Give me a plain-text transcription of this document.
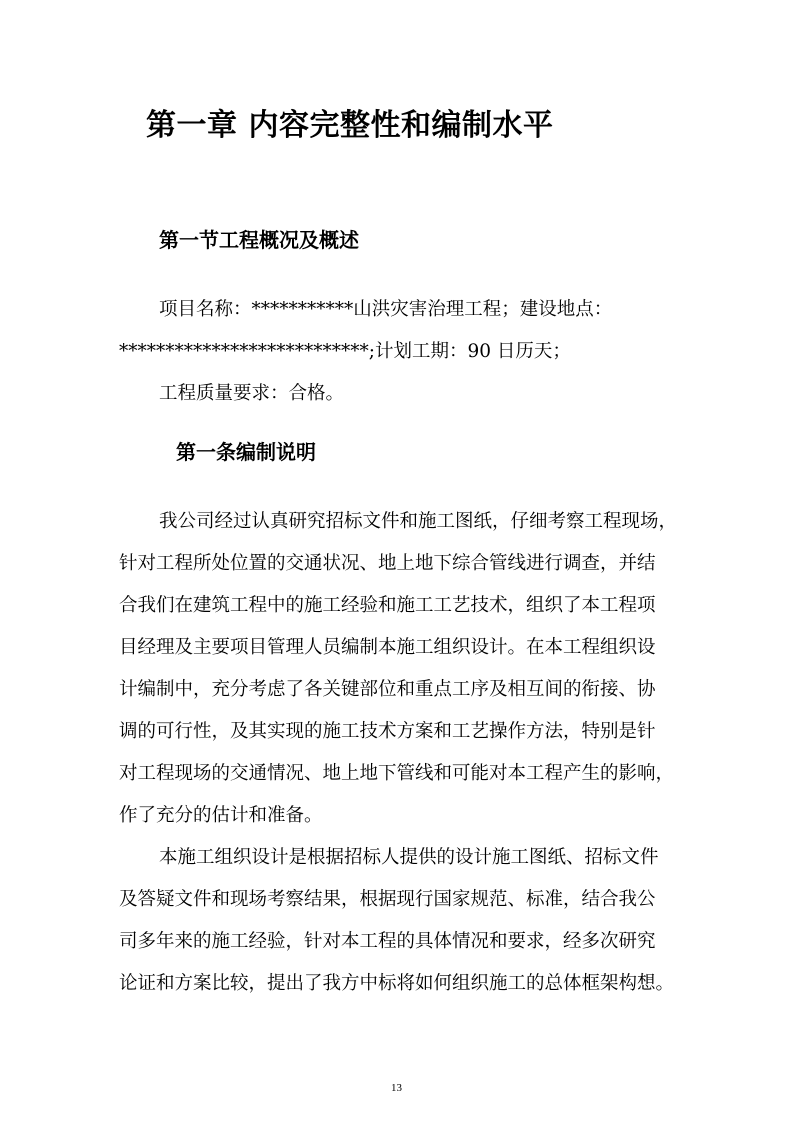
第一章 内容完整性和编制水平
第一节工程概况及概述
项目名称：***********山洪灾害治理工程；建设地点：
***************************;计划工期：90 日历天；
工程质量要求：合格。
第一条编制说明
我公司经过认真研究招标文件和施工图纸，仔细考察工程现场，
针对工程所处位置的交通状况、地上地下综合管线进行调查，并结
合我们在建筑工程中的施工经验和施工工艺技术，组织了本工程项
目经理及主要项目管理人员编制本施工组织设计。在本工程组织设
计编制中，充分考虑了各关键部位和重点工序及相互间的衔接、协
调的可行性，及其实现的施工技术方案和工艺操作方法，特别是针
对工程现场的交通情况、地上地下管线和可能对本工程产生的影响，
作了充分的估计和准备。
本施工组织设计是根据招标人提供的设计施工图纸、招标文件
及答疑文件和现场考察结果，根据现行国家规范、标准，结合我公
司多年来的施工经验，针对本工程的具体情况和要求，经多次研究
论证和方案比较，提出了我方中标将如何组织施工的总体框架构想。
13
